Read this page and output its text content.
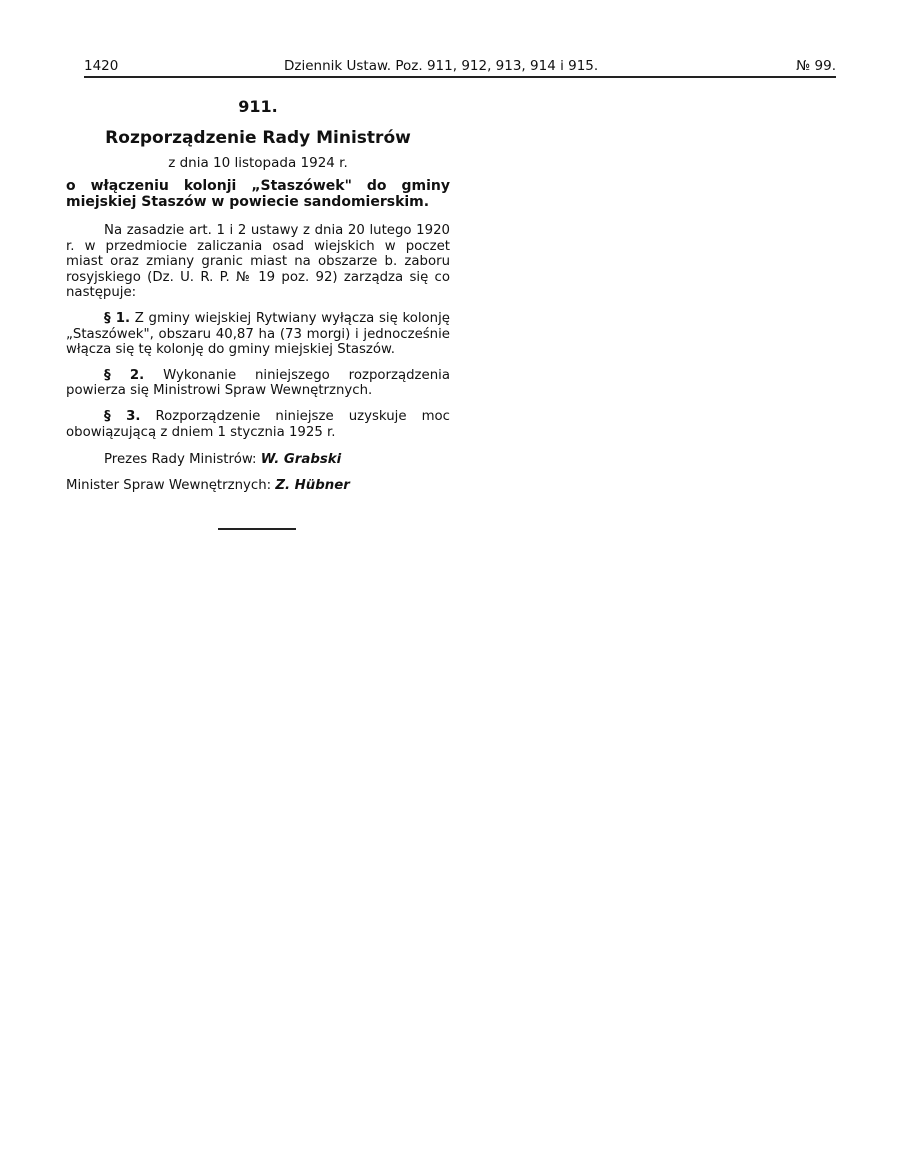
1420	Dziennik Ustaw. Poz. 911, 912, 913, 914 i 915.	№ 99.
911.
Rozporządzenie Rady Ministrów
z dnia 10 listopada 1924 r.
o włączeniu kolonji „Staszówek" do gminy
miejskiej Staszów w powiecie sandomierskim.

Na zasadzie art. 1 i 2 ustawy z dnia 20 lutego 1920 r. w przedmiocie zaliczania osad wiejskich w poczet miast oraz zmiany granic miast na obszarze b. zaboru rosyjskiego (Dz. U. R. P. № 19 poz. 92) zarządza się co następuje:

§ 1. Z gminy wiejskiej Rytwiany wyłącza się kolonję „Staszówek", obszaru 40,87 ha (73 morgi) i jednocześnie włącza się tę kolonję do gminy miejskiej Staszów.

§ 2. Wykonanie niniejszego rozporządzenia powierza się Ministrowi Spraw Wewnętrznych.

§ 3. Rozporządzenie niniejsze uzyskuje moc obowiązującą z dniem 1 stycznia 1925 r.

Prezes Rady Ministrów: W. Grabski
Minister Spraw Wewnętrznych: Z. Hübner
